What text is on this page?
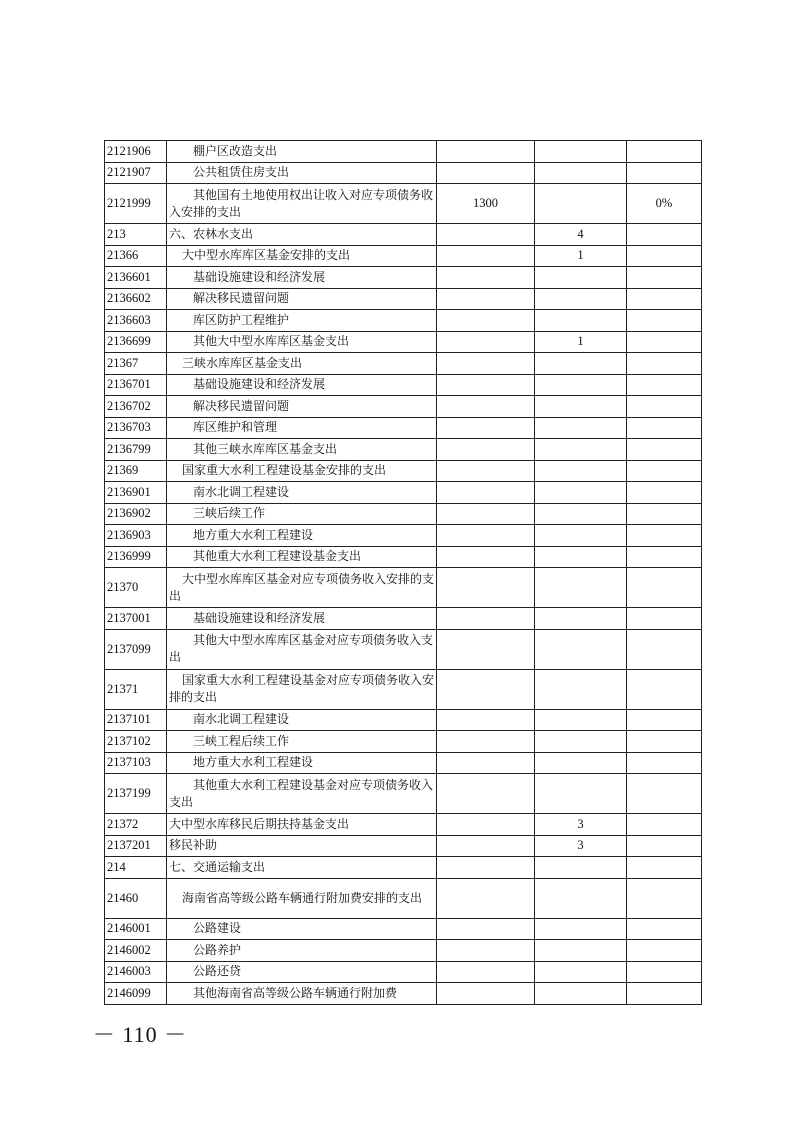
2121906	棚户区改造支出			
2121907	公共租赁住房支出			
2121999	其他国有土地使用权出让收入对应专项债务收入安排的支出	1300		0%
213	六、农林水支出		4	
21366	大中型水库库区基金安排的支出		1	
2136601	基础设施建设和经济发展			
2136602	解决移民遗留问题			
2136603	库区防护工程维护			
2136699	其他大中型水库库区基金支出		1	
21367	三峡水库库区基金支出			
2136701	基础设施建设和经济发展			
2136702	解决移民遗留问题			
2136703	库区维护和管理			
2136799	其他三峡水库库区基金支出			
21369	国家重大水利工程建设基金安排的支出			
2136901	南水北调工程建设			
2136902	三峡后续工作			
2136903	地方重大水利工程建设			
2136999	其他重大水利工程建设基金支出			
21370	大中型水库库区基金对应专项债务收入安排的支出			
2137001	基础设施建设和经济发展			
2137099	其他大中型水库库区基金对应专项债务收入支出			
21371	国家重大水利工程建设基金对应专项债务收入安排的支出			
2137101	南水北调工程建设			
2137102	三峡工程后续工作			
2137103	地方重大水利工程建设			
2137199	其他重大水利工程建设基金对应专项债务收入支出			
21372	大中型水库移民后期扶持基金支出		3	
2137201	移民补助		3	
214	七、交通运输支出			
21460	海南省高等级公路车辆通行附加费安排的支出			
2146001	公路建设			
2146002	公路养护			
2146003	公路还贷			
2146099	其他海南省高等级公路车辆通行附加费			
－ 110 －
